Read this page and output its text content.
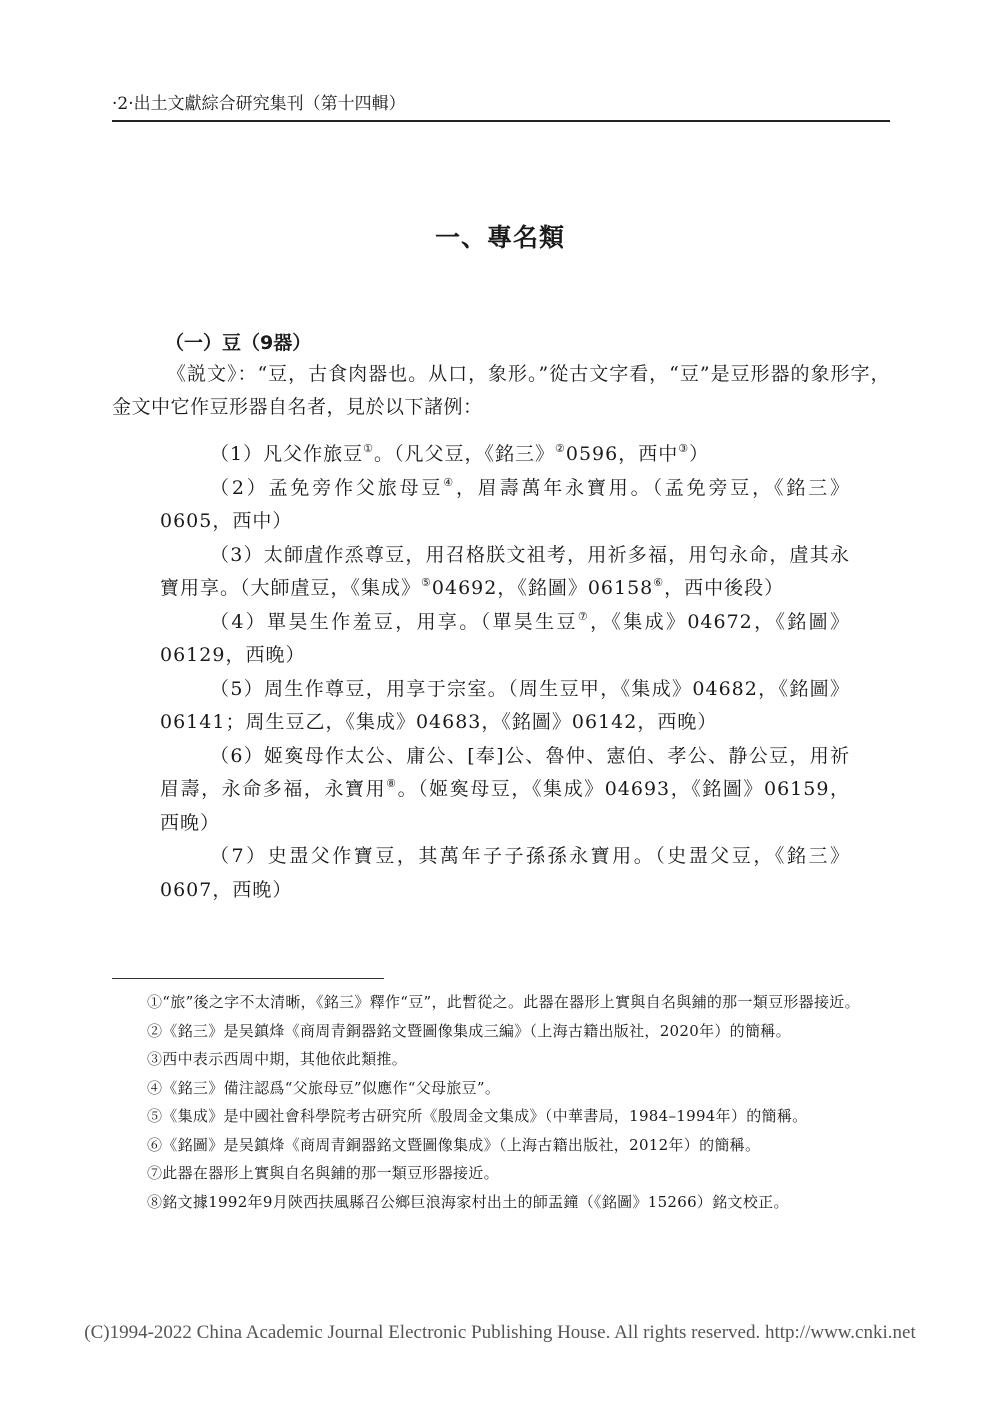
·2·出土文獻綜合研究集刊（第十四輯）
一、專名類
（一）豆（9器）

《説文》：“豆，古食肉器也。从口，象形。”從古文字看，“豆”是豆形器的象形字，金文中它作豆形器自名者，見於以下諸例：

（1）凡父作旅豆①。（凡父豆，《銘三》②0596，西中③）

（2）孟免旁作父旅母豆④，眉壽萬年永寶用。（孟免旁豆，《銘三》0605，西中）

（3）太師虘作烝尊豆，用召格朕文祖考，用祈多福，用匄永命，虘其永寶用享。（大師虘豆，《集成》⑤04692，《銘圖》06158⑥，西中後段）

（4）單昊生作羞豆，用享。（單昊生豆⑦，《集成》04672，《銘圖》06129，西晚）

（5）周生作尊豆，用享于宗室。（周生豆甲，《集成》04682，《銘圖》06141；周生豆乙，《集成》04683，《銘圖》06142，西晚）

（6）姬寏母作太公、庸公、[奉]公、魯仲、憲伯、孝公、静公豆，用祈眉壽，永命多福，永寶用⑧。（姬寏母豆，《集成》04693，《銘圖》06159，西晚）

（7）史盄父作寶豆，其萬年子子孫孫永寶用。（史盄父豆，《銘三》0607，西晚）

①“旅”後之字不太清晰，《銘三》釋作“豆”，此暫從之。此器在器形上實與自名與鋪的那一類豆形器接近。

②《銘三》是吴鎮烽《商周青銅器銘文暨圖像集成三編》（上海古籍出版社，2020年）的簡稱。

③西中表示西周中期，其他依此類推。

④《銘三》備注認爲“父旅母豆”似應作“父母旅豆”。

⑤《集成》是中國社會科學院考古研究所《殷周金文集成》（中華書局，1984–1994年）的簡稱。

⑥《銘圖》是吴鎮烽《商周青銅器銘文暨圖像集成》（上海古籍出版社，2012年）的簡稱。

⑦此器在器形上實與自名與鋪的那一類豆形器接近。

⑧銘文據1992年9月陝西扶風縣召公鄉巨浪海家村出土的師盂鐘（《銘圖》15266）銘文校正。

(C)1994-2022 China Academic Journal Electronic Publishing House. All rights reserved. http://www.cnki.net
